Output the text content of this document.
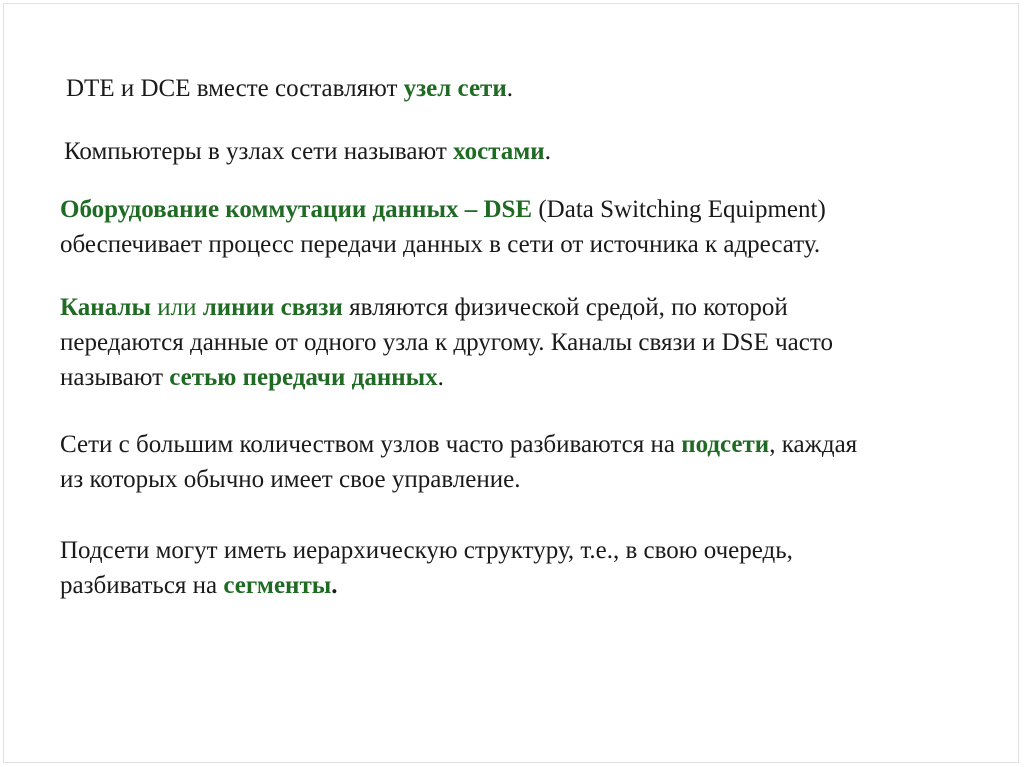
DTE и DCE вместе составляют узел сети.

Компьютеры в узлах сети называют хостами.

Оборудование коммутации данных – DSE (Data Switching Equipment)
обеспечивает процесс передачи данных в сети от источника к адресату.

Каналы или линии связи являются физической средой, по которой
передаются данные от одного узла к другому. Каналы связи и DSE часто
называют сетью передачи данных.

Сети с большим количеством узлов часто разбиваются на подсети, каждая
из которых обычно имеет свое управление.

Подсети могут иметь иерархическую структуру, т.е., в свою очередь,
разбиваться на сегменты.
